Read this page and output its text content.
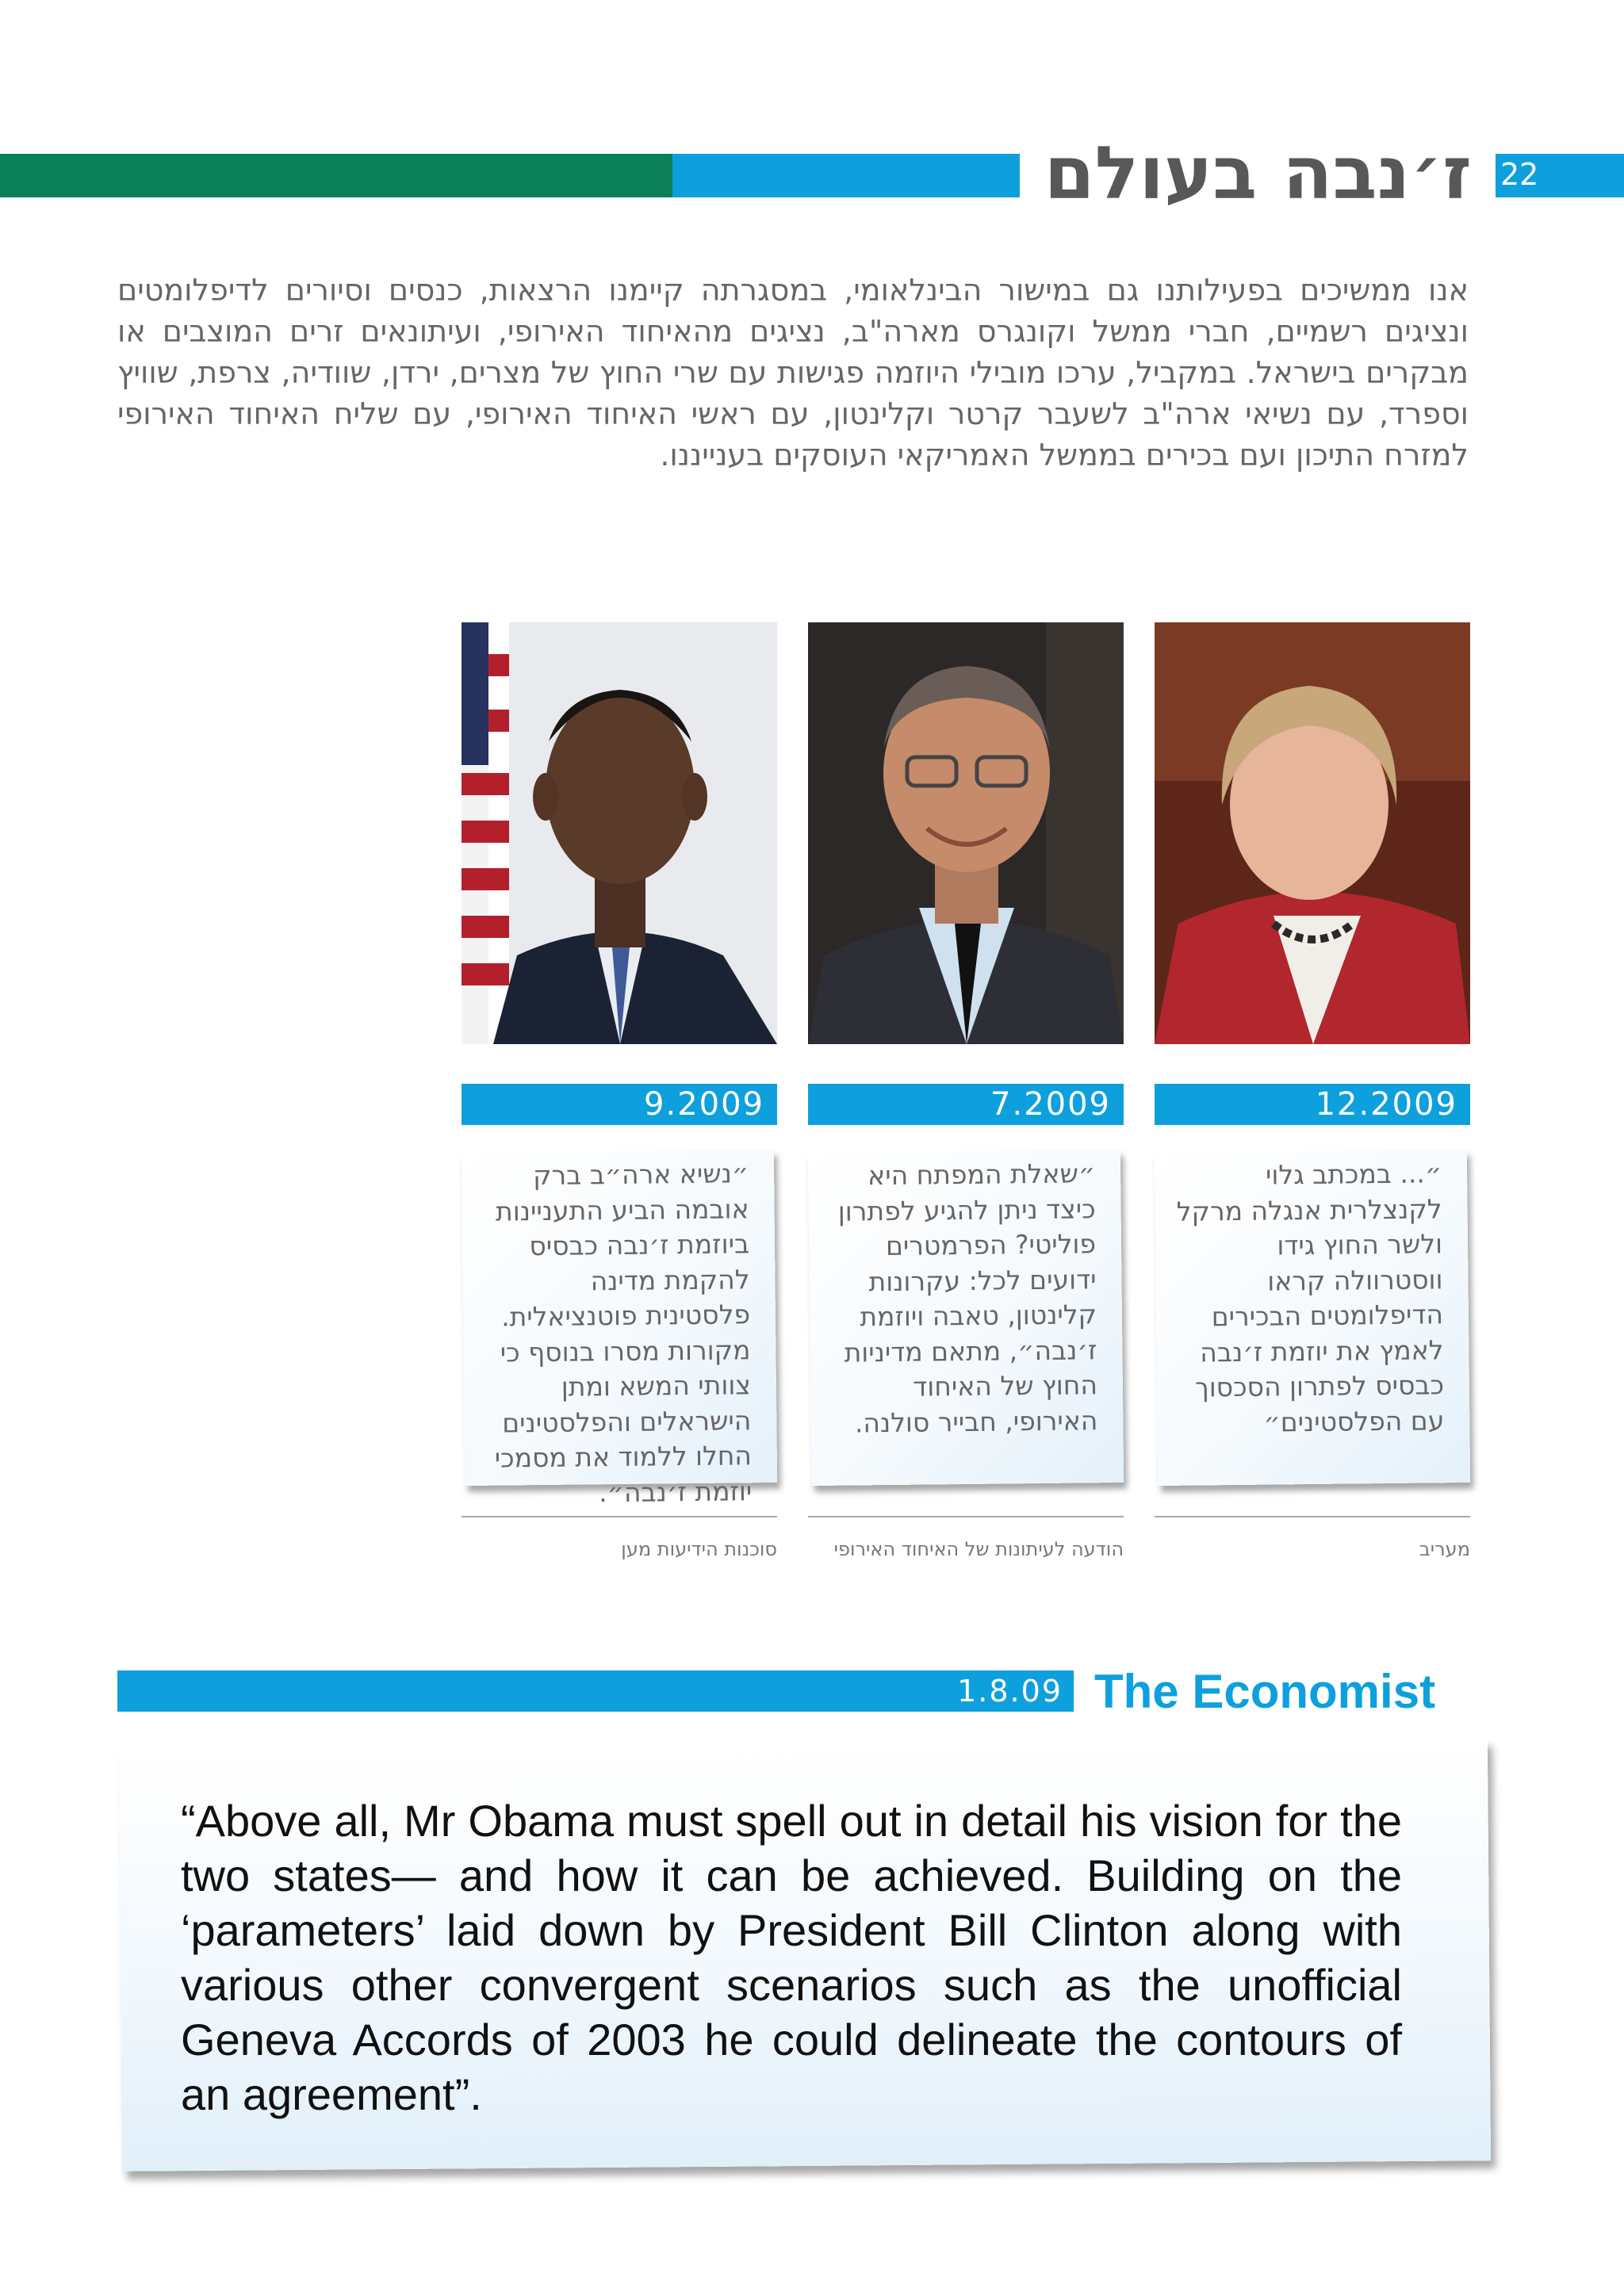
22
ז׳נבה בעולם
אנו ממשיכים בפעילותנו גם במישור הבינלאומי, במסגרתה קיימנו הרצאות, כנסים וסיורים לדיפלומטים ונציגים רשמיים, חברי ממשל וקונגרס מארה"ב, נציגים מהאיחוד האירופי, ועיתונאים זרים המוצבים או מבקרים בישראל. במקביל, ערכו מובילי היוזמה פגישות עם שרי החוץ של מצרים, ירדן, שוודיה, צרפת, שוויץ וספרד, עם נשיאי ארה"ב לשעבר קרטר וקלינטון, עם ראשי האיחוד האירופי, עם שליח האיחוד האירופי למזרח התיכון ועם בכירים בממשל האמריקאי העוסקים בענייננו.
9.2009	7.2009	12.2009
״נשיא ארה״ב ברק אובמה הביע התעניינות ביוזמת ז׳נבה כבסיס להקמת מדינה פלסטינית פוטנציאלית. מקורות מסרו בנוסף כי צוותי המשא ומתן הישראלים והפלסטינים החלו ללמוד את מסמכי יוזמת ז׳נבה״.
״שאלת המפתח היא כיצד ניתן להגיע לפתרון פוליטי? הפרמטרים ידועים לכל: עקרונות קלינטון, טאבה ויוזמת ז׳נבה״, מתאם מדיניות החוץ של האיחוד האירופי, חבייר סולנה.
״... במכתב גלוי לקנצלרית אנגלה מרקל ולשר החוץ גידו ווסטרוולה קראו הדיפלומטים הבכירים לאמץ את יוזמת ז׳נבה כבסיס לפתרון הסכסוך עם הפלסטינים״
סוכנות הידיעות מען	הודעה לעיתונות של האיחוד האירופי	מעריב
1.8.09 The Economist
“Above all, Mr Obama must spell out in detail his vision for the two states— and how it can be achieved. Building on the ‘parameters’ laid down by President Bill Clinton along with various other convergent scenarios such as the unofficial Geneva Accords of 2003 he could delineate the contours of an agreement”.
